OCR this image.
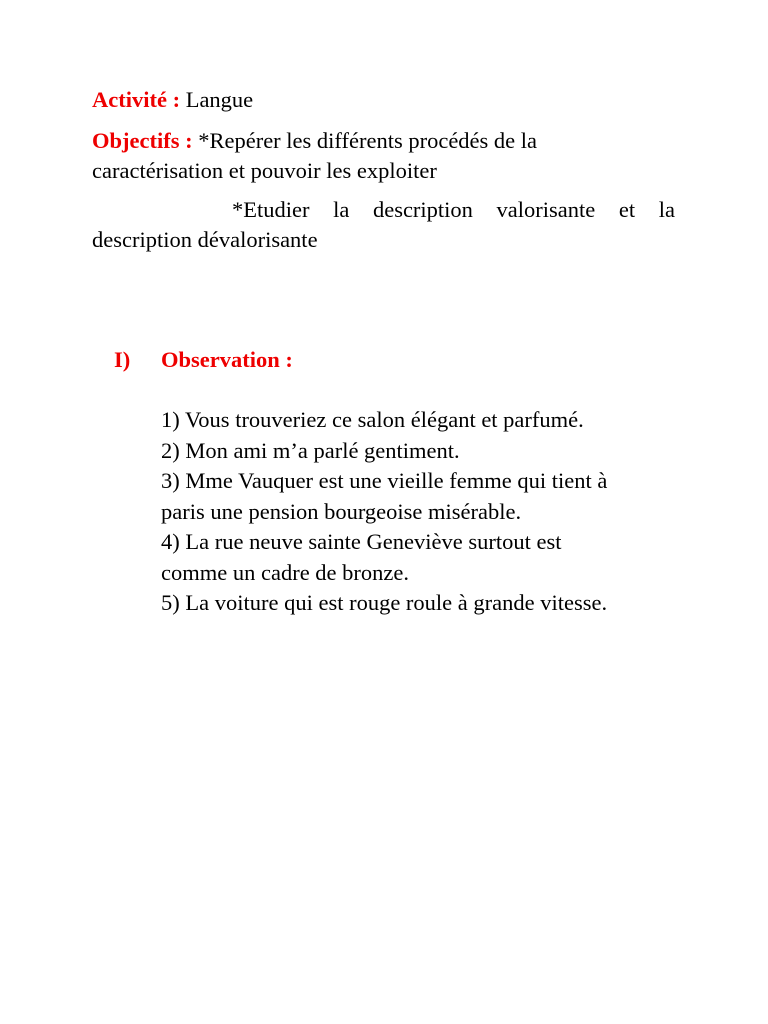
Activité : Langue
Objectifs : *Repérer les différents procédés de la
caractérisation et pouvoir les exploiter
*Etudier la description valorisante et la
description dévalorisante
I) Observation :
1) Vous trouveriez ce salon élégant et parfumé.
2) Mon ami m’a parlé gentiment.
3) Mme Vauquer est une vieille femme qui tient à
paris une pension bourgeoise misérable.
4) La rue neuve sainte Geneviève surtout est
comme un cadre de bronze.
5) La voiture qui est rouge roule à grande vitesse.
